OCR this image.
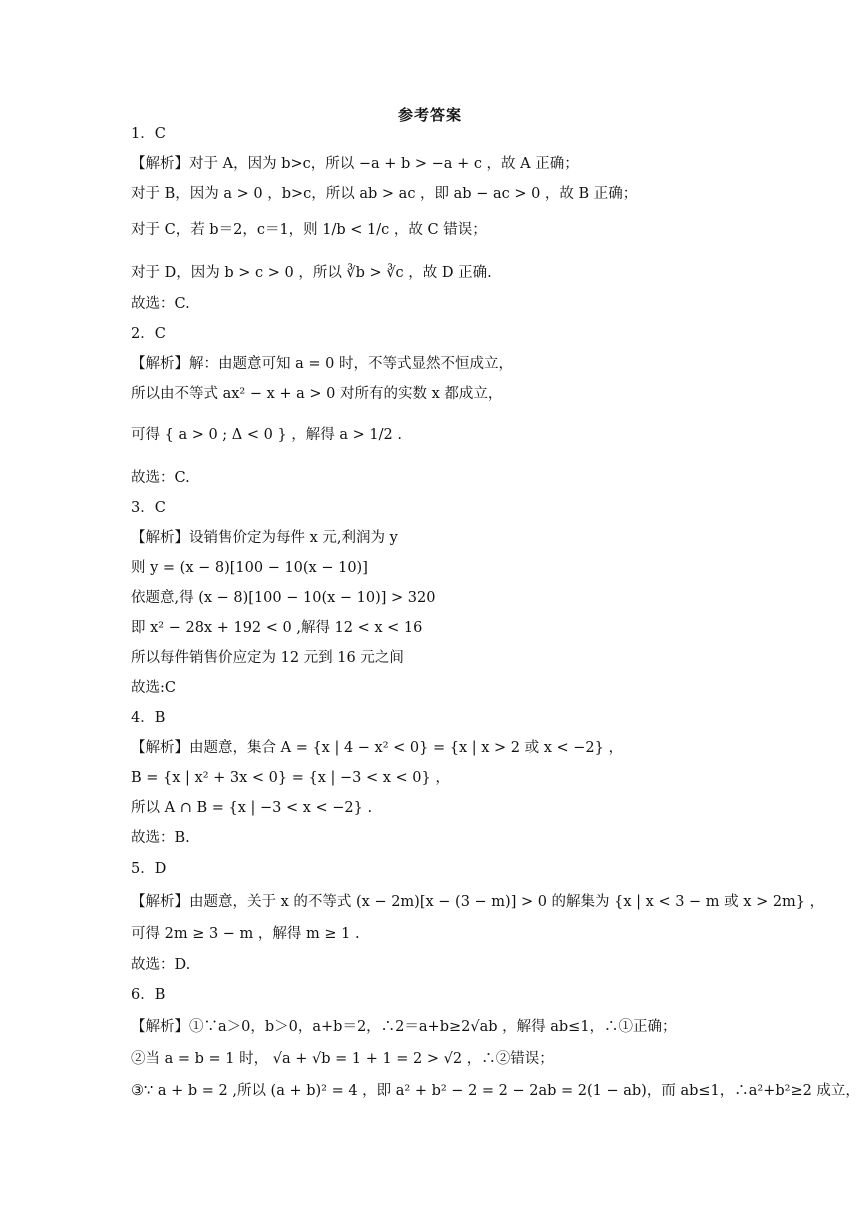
参考答案
1．C
【解析】对于 A，因为 b>c，所以 −a + b > −a + c ，故 A 正确；
对于 B，因为 a > 0 ，b>c，所以 ab > ac ，即 ab − ac > 0 ，故 B 正确；
对于 C，若 b＝2，c＝1，则 1/b < 1/c ，故 C 错误；
对于 D，因为 b > c > 0 ，所以 ∛b > ∛c ，故 D 正确.
故选：C.
2．C
【解析】解：由题意可知 a = 0 时，不等式显然不恒成立，
所以由不等式 ax² − x + a > 0 对所有的实数 x 都成立，
可得 { a > 0 ; Δ < 0 } ，解得 a > 1/2 .
故选：C.
3．C
【解析】设销售价定为每件 x 元,利润为 y
则 y = (x − 8)[100 − 10(x − 10)]
依题意,得 (x − 8)[100 − 10(x − 10)] > 320
即 x² − 28x + 192 < 0 ,解得 12 < x < 16
所以每件销售价应定为 12 元到 16 元之间
故选:C
4．B
【解析】由题意，集合 A = {x | 4 − x² < 0} = {x | x > 2 或 x < −2} ，
B = {x | x² + 3x < 0} = {x | −3 < x < 0} ，
所以 A ∩ B = {x | −3 < x < −2} .
故选：B.
5．D
【解析】由题意，关于 x 的不等式 (x − 2m)[x − (3 − m)] > 0 的解集为 {x | x < 3 − m 或 x > 2m} ，
可得 2m ≥ 3 − m ，解得 m ≥ 1 .
故选：D.
6．B
【解析】①∵a＞0，b＞0，a+b＝2，∴2＝a+b≥2√ab ，解得 ab≤1，∴①正确；
②当 a = b = 1 时， √a + √b = 1 + 1 = 2 > √2 ，∴②错误；
③∵ a + b = 2 ,所以 (a + b)² = 4 ，即 a² + b² − 2 = 2 − 2ab = 2(1 − ab)，而 ab≤1，∴a²+b²≥2 成立，
